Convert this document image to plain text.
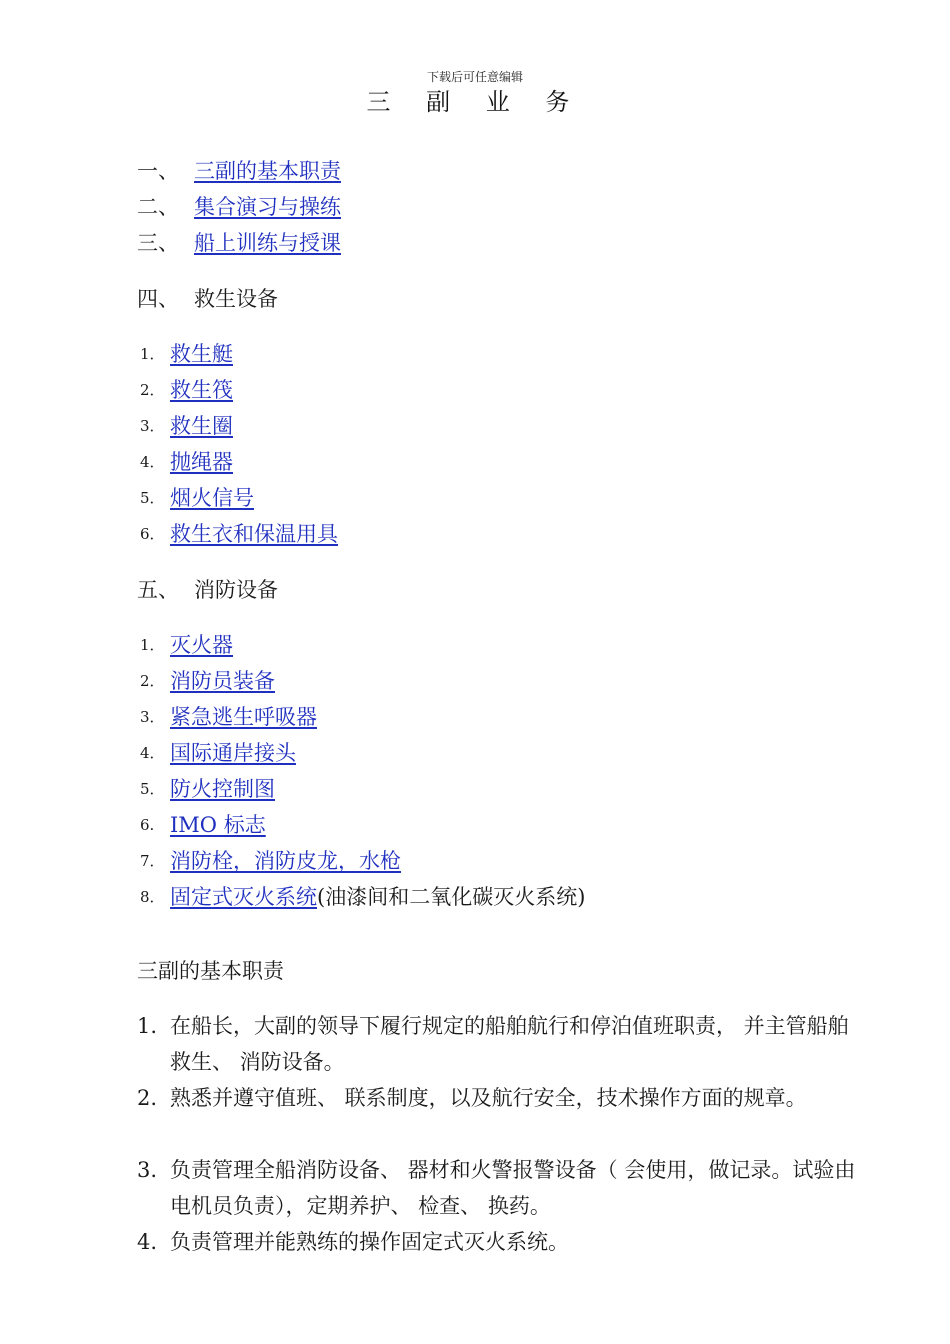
下载后可任意编辑
三 副 业 务
一、 三副的基本职责
二、 集合演习与操练
三、 船上训练与授课
四、 救生设备
1． 救生艇
2． 救生筏
3． 救生圈
4． 抛绳器
5． 烟火信号
6． 救生衣和保温用具
五、 消防设备
1． 灭火器
2． 消防员装备
3． 紧急逃生呼吸器
4． 国际通岸接头
5． 防火控制图
6. IMO 标志
7． 消防栓，消防皮龙，水枪
8． 固定式灭火系统(油漆间和二氧化碳灭火系统)
三副的基本职责
1. 在船长，大副的领导下履行规定的船舶航行和停泊值班职责， 并主管船舶救生、 消防设备。
2. 熟悉并遵守值班、 联系制度，以及航行安全，技术操作方面的规章。
3. 负责管理全船消防设备、 器材和火警报警设备（ 会使用，做记录。试验由电机员负责），定期养护、 检查、 换药。
4. 负责管理并能熟练的操作固定式灭火系统。
